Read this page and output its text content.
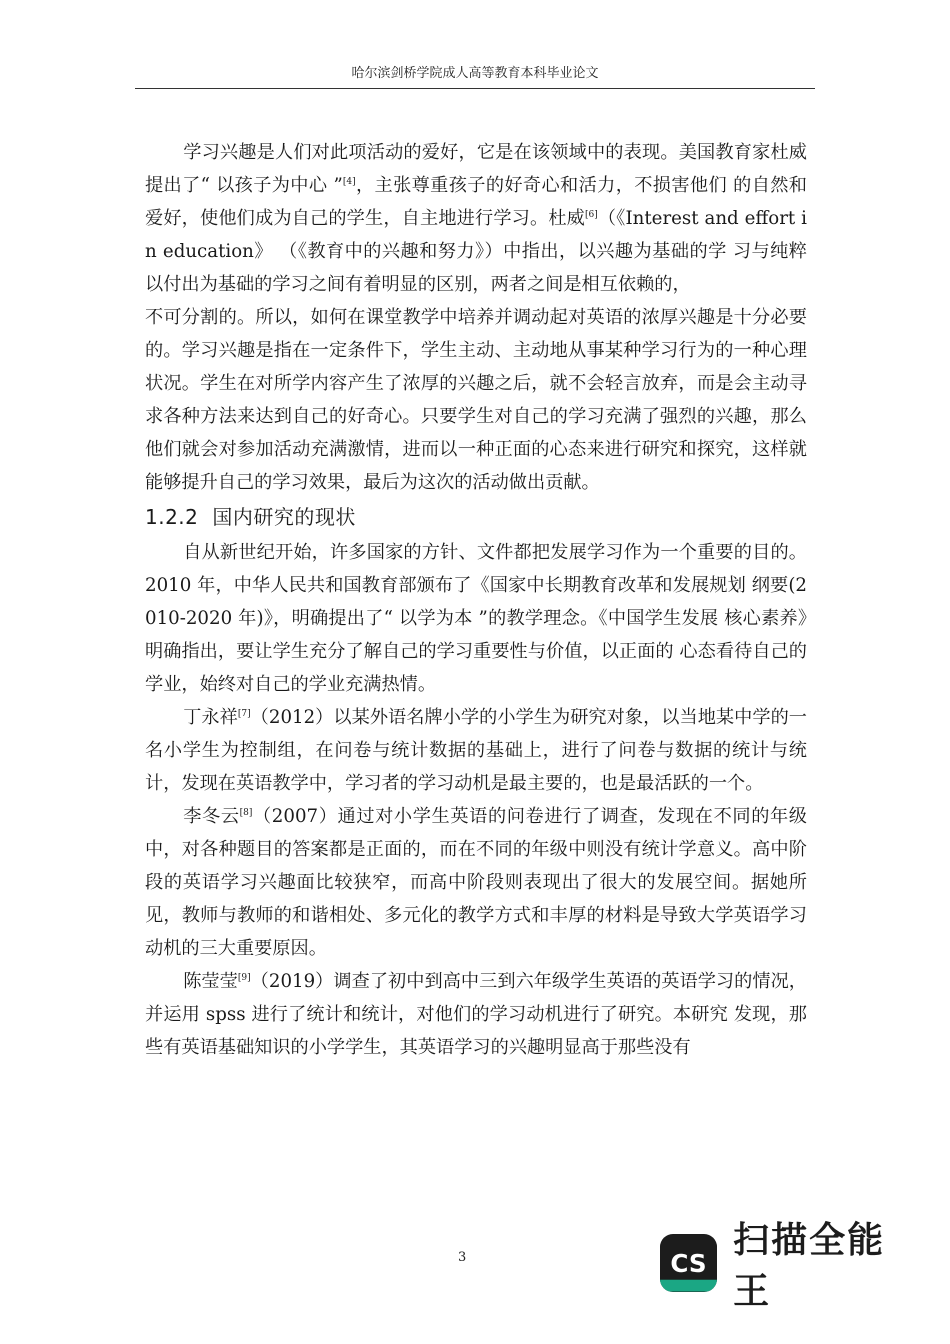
哈尔滨剑桥学院成人高等教育本科毕业论文

学习兴趣是人们对此项活动的爱好，它是在该领域中的表现。美国教育家杜威提出了“ 以孩子为中心 ”[4]，主张尊重孩子的好奇心和活力，不损害他们 的自然和爱好，使他们成为自己的学生，自主地进行学习。杜威[6]（《Interest and effort in education》 （《教育中的兴趣和努力》）中指出，以兴趣为基础的学 习与纯粹以付出为基础的学习之间有着明显的区别，两者之间是相互依赖的，

不可分割的。所以，如何在课堂教学中培养并调动起对英语的浓厚兴趣是十分必要的。学习兴趣是指在一定条件下，学生主动、主动地从事某种学习行为的一种心理状况。学生在对所学内容产生了浓厚的兴趣之后，就不会轻言放弃，而是会主动寻求各种方法来达到自己的好奇心。只要学生对自己的学习充满了强烈的兴趣，那么他们就会对参加活动充满激情，进而以一种正面的心态来进行研究和探究，这样就能够提升自己的学习效果，最后为这次的活动做出贡献。

1.2.2 国内研究的现状

自从新世纪开始，许多国家的方针、文件都把发展学习作为一个重要的目的。2010 年，中华人民共和国教育部颁布了《国家中长期教育改革和发展规划 纲要(2010-2020 年)》，明确提出了“ 以学为本 ”的教学理念。《中国学生发展 核心素养》明确指出，要让学生充分了解自己的学习重要性与价值，以正面的 心态看待自己的学业，始终对自己的学业充满热情。

丁永祥[7]（2012）以某外语名牌小学的小学生为研究对象，以当地某中学的一名小学生为控制组，在问卷与统计数据的基础上，进行了问卷与数据的统计与统计，发现在英语教学中，学习者的学习动机是最主要的，也是最活跃的一个。

李冬云[8]（2007）通过对小学生英语的问卷进行了调查，发现在不同的年级中，对各种题目的答案都是正面的，而在不同的年级中则没有统计学意义。高中阶段的英语学习兴趣面比较狭窄，而高中阶段则表现出了很大的发展空间。据她所见，教师与教师的和谐相处、多元化的教学方式和丰厚的材料是导致大学英语学习动机的三大重要原因。

陈莹莹[9]（2019）调查了初中到高中三到六年级学生英语的英语学习的情况，并运用 spss 进行了统计和统计，对他们的学习动机进行了研究。本研究 发现，那些有英语基础知识的小学学生，其英语学习的兴趣明显高于那些没有

3	CS
扫描全能王
